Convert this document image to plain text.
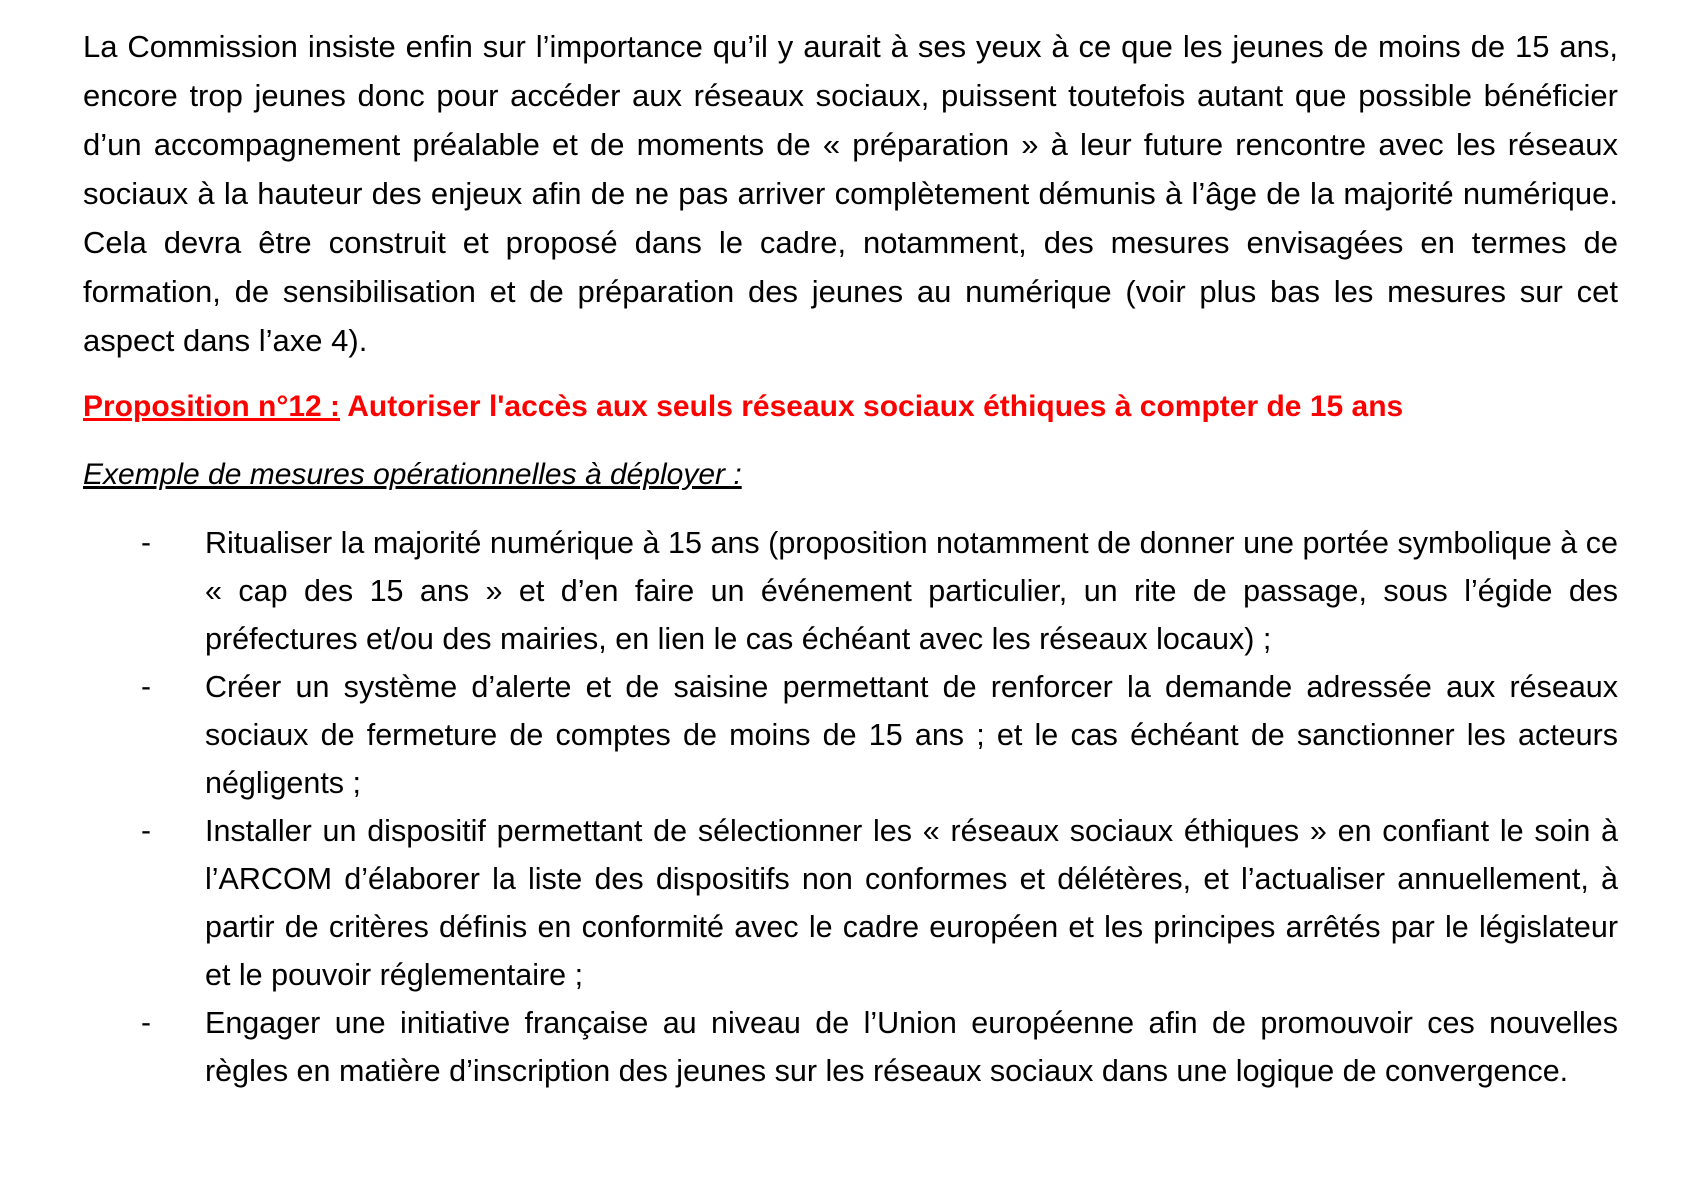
La Commission insiste enfin sur l’importance qu’il y aurait à ses yeux à ce que les jeunes de moins de 15 ans, encore trop jeunes donc pour accéder aux réseaux sociaux, puissent toutefois autant que possible bénéficier d’un accompagnement préalable et de moments de « préparation » à leur future rencontre avec les réseaux sociaux à la hauteur des enjeux afin de ne pas arriver complètement démunis à l’âge de la majorité numérique. Cela devra être construit et proposé dans le cadre, notamment, des mesures envisagées en termes de formation, de sensibilisation et de préparation des jeunes au numérique (voir plus bas les mesures sur cet aspect dans l’axe 4).

Proposition n°12 : Autoriser l'accès aux seuls réseaux sociaux éthiques à compter de 15 ans

Exemple de mesures opérationnelles à déployer :

-	Ritualiser la majorité numérique à 15 ans (proposition notamment de donner une portée symbolique à ce « cap des 15 ans » et d’en faire un événement particulier, un rite de passage, sous l’égide des préfectures et/ou des mairies, en lien le cas échéant avec les réseaux locaux) ;
-	Créer un système d’alerte et de saisine permettant de renforcer la demande adressée aux réseaux sociaux de fermeture de comptes de moins de 15 ans ; et le cas échéant de sanctionner les acteurs négligents ;
-	Installer un dispositif permettant de sélectionner les « réseaux sociaux éthiques » en confiant le soin à l’ARCOM d’élaborer la liste des dispositifs non conformes et délétères, et l’actualiser annuellement, à partir de critères définis en conformité avec le cadre européen et les principes arrêtés par le législateur et le pouvoir réglementaire ;
-	Engager une initiative française au niveau de l’Union européenne afin de promouvoir ces nouvelles règles en matière d’inscription des jeunes sur les réseaux sociaux dans une logique de convergence.
